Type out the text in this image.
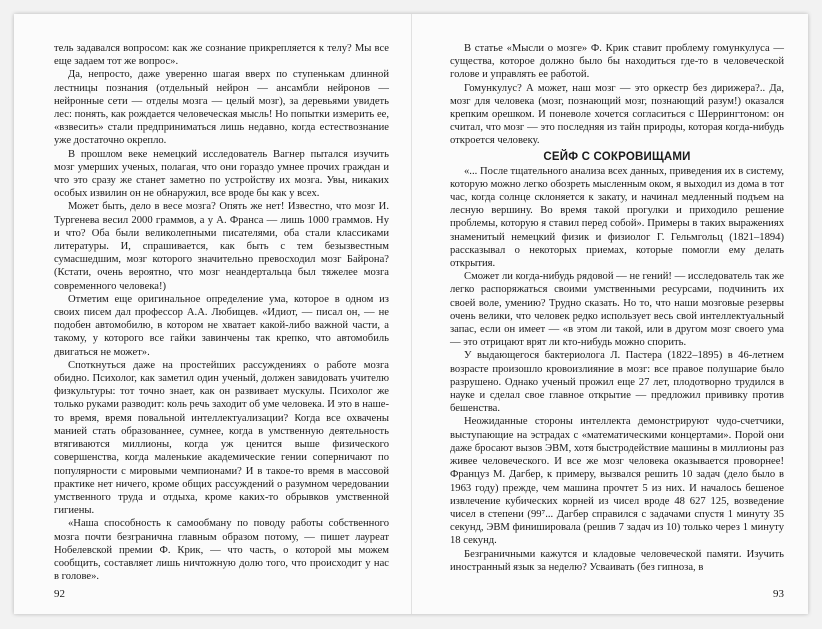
тель задавался вопросом: как же сознание прикрепляется к телу? Мы все еще задаем тот же вопрос».

Да, непросто, даже уверенно шагая вверх по ступенькам длинной лестницы познания (отдельный нейрон — ансамбли нейронов — нейронные сети — отделы мозга — целый мозг), за деревьями увидеть лес: понять, как рождается человеческая мысль! Но попытки измерить ее, «взвесить» стали предприниматься лишь недавно, когда естествознание уже достаточно окрепло.

В прошлом веке немецкий исследователь Вагнер пытался изучить мозг умерших ученых, полагая, что они гораздо умнее прочих граждан и что это сразу же станет заметно по устройству их мозга. Увы, никаких особых извилин он не обнаружил, все вроде бы как у всех.

Может быть, дело в весе мозга? Опять же нет! Известно, что мозг И. Тургенева весил 2000 граммов, а у А. Франса — лишь 1000 граммов. Ну и что? Оба были великолепными писателями, оба стали классиками литературы. И, спрашивается, как быть с тем безызвестным сумасшедшим, мозг которого значительно превосходил мозг Байрона? (Кстати, очень вероятно, что мозг неандертальца был тяжелее мозга современного человека!)

Отметим еще оригинальное определение ума, которое в одном из своих писем дал профессор А.А. Любищев. «Идиот, — писал он, — не подобен автомобилю, в котором не хватает какой-либо важной части, а такому, у которого все гайки завинчены так крепко, что автомобиль двигаться не может».

Споткнуться даже на простейших рассуждениях о работе мозга обидно. Психолог, как заметил один ученый, должен завидовать учителю физкультуры: тот точно знает, как он развивает мускулы. Психолог же только руками разводит: коль речь заходит об уме человека. И это в наше-то время, время повальной интеллектуализации? Когда все охвачены манией стать образованнее, сумнее, когда в умственную деятельность втягиваются миллионы, когда уж ценится выше физического совершенства, когда маленькие академические гении соперничают по популярности с мировыми чемпионами? И в такое-то время в массовой практике нет ничего, кроме общих рассуждений о разумном чередовании умственного труда и отдыха, кроме каких-то обрывков умственной гигиены.

«Наша способность к самообману по поводу работы собственного мозга почти безгранична главным образом потому, — пишет лауреат Нобелевской премии Ф. Крик, — что часть, о которой мы можем сообщить, составляет лишь ничтожную долю того, что происходит у нас в голове».

92

В статье «Мысли о мозге» Ф. Крик ставит проблему гомункулуса — существа, которое должно было бы находиться где-то в человеческой голове и управлять ее работой.

Гомункулус? А может, наш мозг — это оркестр без дирижера?.. Да, мозг для человека (мозг, познающий мозг, познающий разум!) оказался крепким орешком. И поневоле хочется согласиться с Шеррингтоном: он считал, что мозг — это последняя из тайн природы, которая когда-нибудь откроется человеку.

СЕЙФ С СОКРОВИЩАМИ

«... После тщательного анализа всех данных, приведения их в систему, которую можно легко обозреть мысленным оком, я выходил из дома в тот час, когда солнце склоняется к закату, и начинал медленный подъем на лесную вершину. Во время такой прогулки и приходило решение проблемы, которую я ставил перед собой». Примеры в таких выражениях знаменитый немецкий физик и физиолог Г. Гельмгольц (1821–1894) рассказывал о некоторых приемах, которые помогли ему делать открытия.

Сможет ли когда-нибудь рядовой — не гений! — исследователь так же легко распоряжаться своими умственными ресурсами, подчинить их своей воле, умению? Трудно сказать. Но то, что наши мозговые резервы очень велики, что человек редко использует весь свой интеллектуальный запас, если он имеет — «в этом ли такой, или в другом мозг своего ума — это отрицают врят ли кто-нибудь можно спорить.

У выдающегося бактериолога Л. Пастера (1822–1895) в 46-летнем возрасте произошло кровоизлияние в мозг: все правое полушарие было разрушено. Однако ученый прожил еще 27 лет, плодотворно трудился в науке и сделал свое главное открытие — предложил прививку против бешенства.

Неожиданные стороны интеллекта демонстрируют чудо-счетчики, выступающие на эстрадах с «математическими концертами». Порой они даже бросают вызов ЭВМ, хотя быстродействие машины в миллионы раз живее человеческого. И все же мозг человека оказывается проворнее! Француз М. Дагбер, к примеру, вызвался решить 10 задач (дело было в 1963 году) прежде, чем машина прочтет 5 из них. И началось бешеное извлечение кубических корней из чисел вроде 48 627 125, возведение чисел в степени (99⁷... Дагбер справился с задачами спустя 1 минуту 35 секунд, ЭВМ финишировала (решив 7 задач из 10) только через 1 минуту 18 секунд.

Безграничными кажутся и кладовые человеческой памяти. Изучить иностранный язык за неделю? Усваивать (без гипноза, в

93
